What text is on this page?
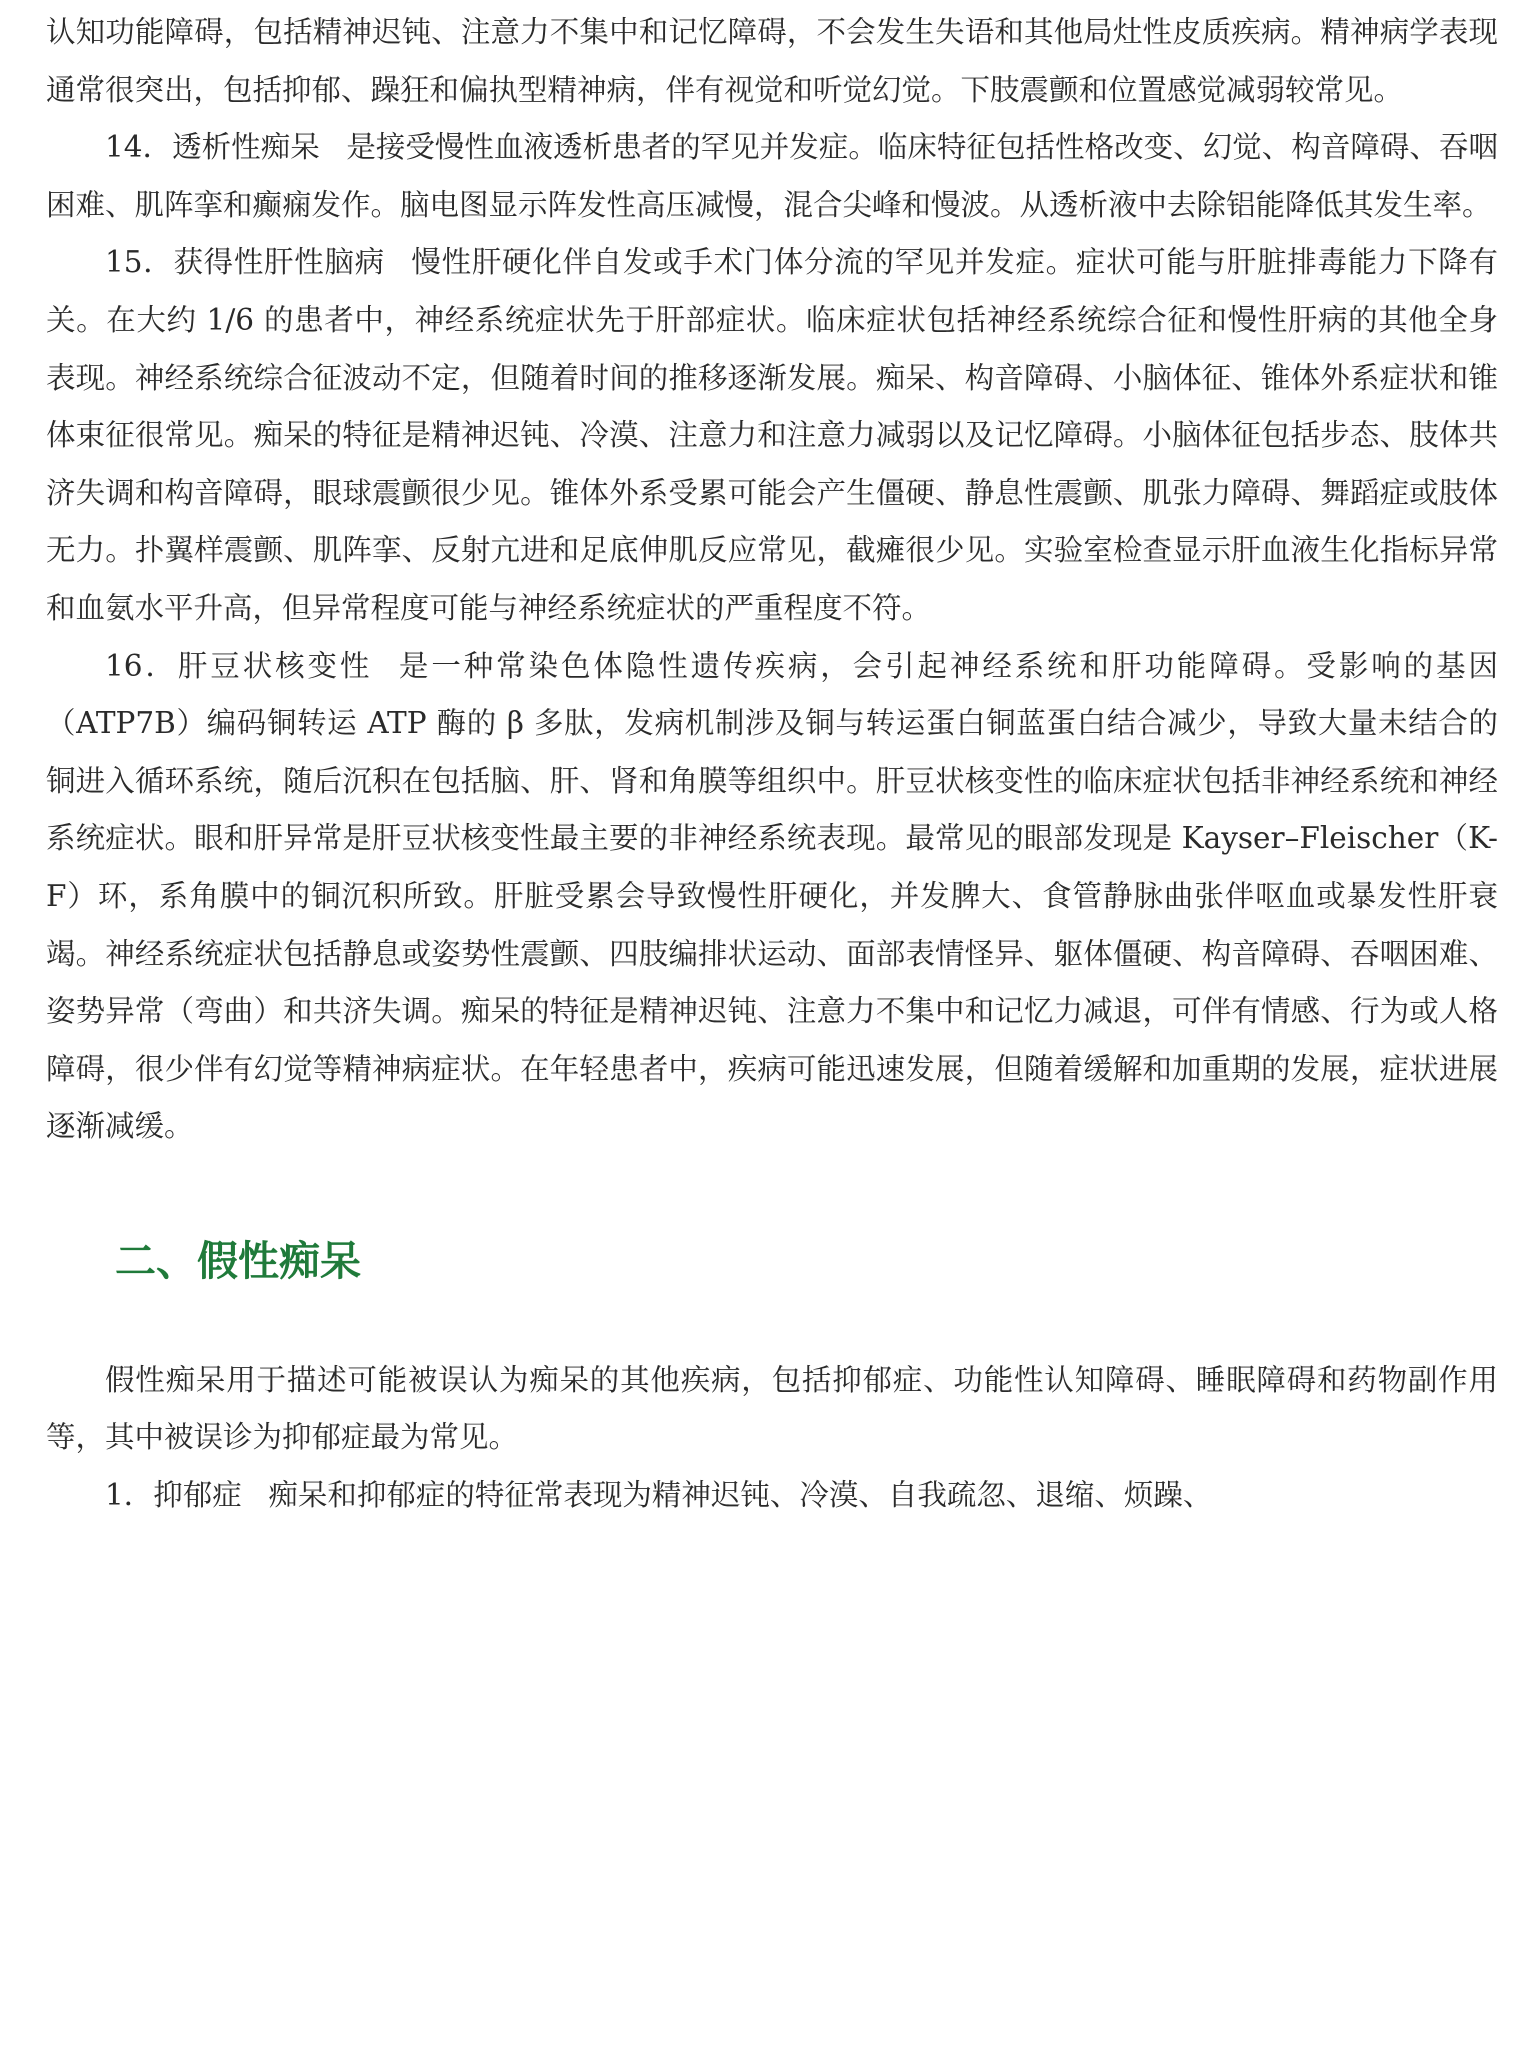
认知功能障碍，包括精神迟钝、注意力不集中和记忆障碍，不会发生失语和其他局灶性皮质疾病。精神病学表现通常很突出，包括抑郁、躁狂和偏执型精神病，伴有视觉和听觉幻觉。下肢震颤和位置感觉减弱较常见。

14．透析性痴呆 是接受慢性血液透析患者的罕见并发症。临床特征包括性格改变、幻觉、构音障碍、吞咽困难、肌阵挛和癫痫发作。脑电图显示阵发性高压减慢，混合尖峰和慢波。从透析液中去除铝能降低其发生率。

15．获得性肝性脑病 慢性肝硬化伴自发或手术门体分流的罕见并发症。症状可能与肝脏排毒能力下降有关。在大约 1/6 的患者中，神经系统症状先于肝部症状。临床症状包括神经系统综合征和慢性肝病的其他全身表现。神经系统综合征波动不定，但随着时间的推移逐渐发展。痴呆、构音障碍、小脑体征、锥体外系症状和锥体束征很常见。痴呆的特征是精神迟钝、冷漠、注意力和注意力减弱以及记忆障碍。小脑体征包括步态、肢体共济失调和构音障碍，眼球震颤很少见。锥体外系受累可能会产生僵硬、静息性震颤、肌张力障碍、舞蹈症或肢体无力。扑翼样震颤、肌阵挛、反射亢进和足底伸肌反应常见，截瘫很少见。实验室检查显示肝血液生化指标异常和血氨水平升高，但异常程度可能与神经系统症状的严重程度不符。

16．肝豆状核变性 是一种常染色体隐性遗传疾病，会引起神经系统和肝功能障碍。受影响的基因（ATP7B）编码铜转运 ATP 酶的 β 多肽，发病机制涉及铜与转运蛋白铜蓝蛋白结合减少，导致大量未结合的铜进入循环系统，随后沉积在包括脑、肝、肾和角膜等组织中。肝豆状核变性的临床症状包括非神经系统和神经系统症状。眼和肝异常是肝豆状核变性最主要的非神经系统表现。最常见的眼部发现是 Kayser–Fleischer（K-F）环，系角膜中的铜沉积所致。肝脏受累会导致慢性肝硬化，并发脾大、食管静脉曲张伴呕血或暴发性肝衰竭。神经系统症状包括静息或姿势性震颤、四肢编排状运动、面部表情怪异、躯体僵硬、构音障碍、吞咽困难、姿势异常（弯曲）和共济失调。痴呆的特征是精神迟钝、注意力不集中和记忆力减退，可伴有情感、行为或人格障碍，很少伴有幻觉等精神病症状。在年轻患者中，疾病可能迅速发展，但随着缓解和加重期的发展，症状进展逐渐减缓。

二、假性痴呆

假性痴呆用于描述可能被误认为痴呆的其他疾病，包括抑郁症、功能性认知障碍、睡眠障碍和药物副作用等，其中被误诊为抑郁症最为常见。

1．抑郁症 痴呆和抑郁症的特征常表现为精神迟钝、冷漠、自我疏忽、退缩、烦躁、
